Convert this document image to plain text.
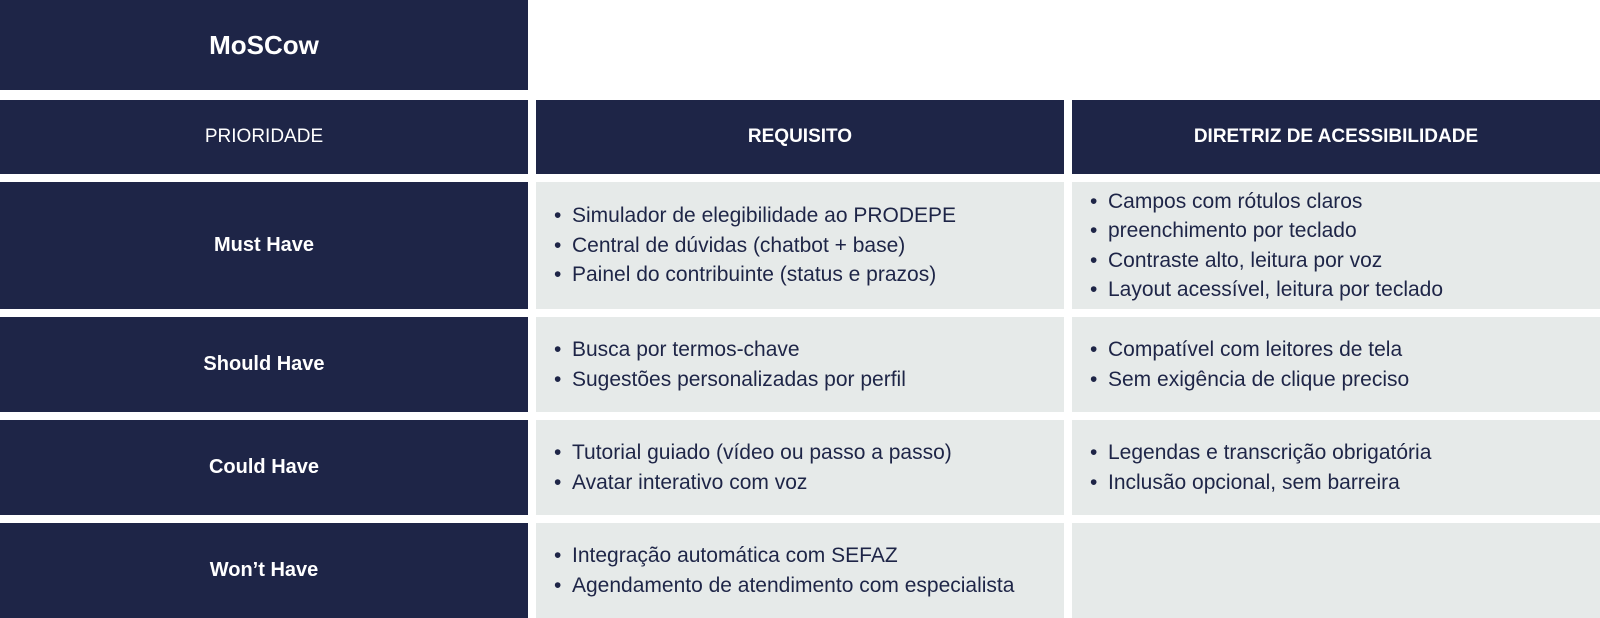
MoSCow
PRIORIDADE	REQUISITO	DIRETRIZ DE ACESSIBILIDADE
Must Have
• Simulador de elegibilidade ao PRODEPE
• Central de dúvidas (chatbot + base)
• Painel do contribuinte (status e prazos)
• Campos com rótulos claros
• preenchimento por teclado
• Contraste alto, leitura por voz
• Layout acessível, leitura por teclado
Should Have
• Busca por termos-chave
• Sugestões personalizadas por perfil
• Compatível com leitores de tela
• Sem exigência de clique preciso
Could Have
• Tutorial guiado (vídeo ou passo a passo)
• Avatar interativo com voz
• Legendas e transcrição obrigatória
• Inclusão opcional, sem barreira
Won’t Have
• Integração automática com SEFAZ
• Agendamento de atendimento com especialista
